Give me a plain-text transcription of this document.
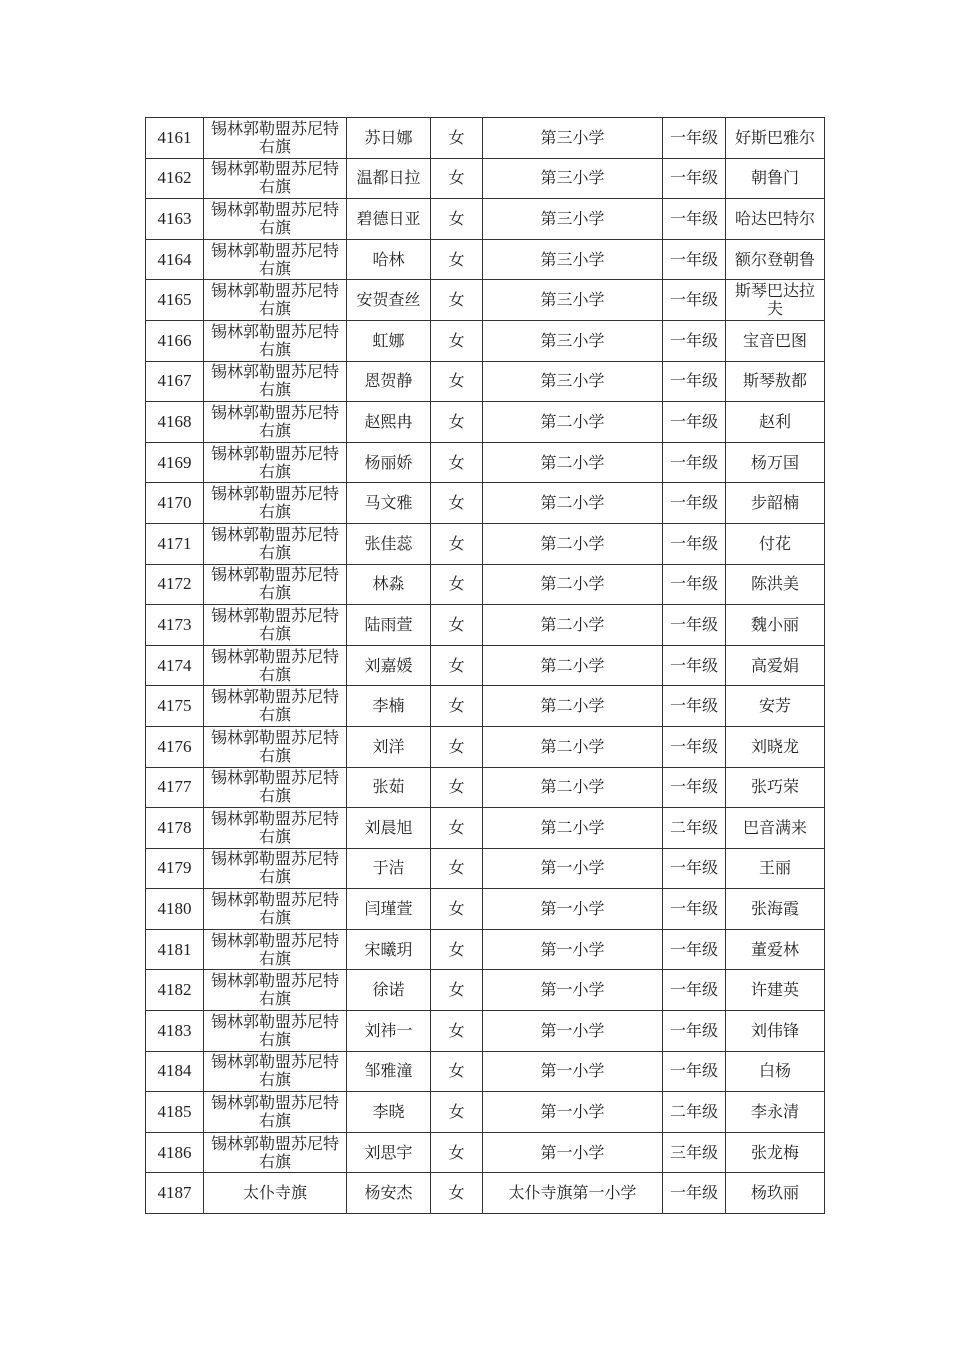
4161	锡林郭勒盟苏尼特右旗	苏日娜	女	第三小学	一年级	好斯巴雅尔
4162	锡林郭勒盟苏尼特右旗	温都日拉	女	第三小学	一年级	朝鲁门
4163	锡林郭勒盟苏尼特右旗	碧德日亚	女	第三小学	一年级	哈达巴特尔
4164	锡林郭勒盟苏尼特右旗	哈林	女	第三小学	一年级	额尔登朝鲁
4165	锡林郭勒盟苏尼特右旗	安贺查丝	女	第三小学	一年级	斯琴巴达拉夫
4166	锡林郭勒盟苏尼特右旗	虹娜	女	第三小学	一年级	宝音巴图
4167	锡林郭勒盟苏尼特右旗	恩贺静	女	第三小学	一年级	斯琴敖都
4168	锡林郭勒盟苏尼特右旗	赵熙冉	女	第二小学	一年级	赵利
4169	锡林郭勒盟苏尼特右旗	杨丽娇	女	第二小学	一年级	杨万国
4170	锡林郭勒盟苏尼特右旗	马文雅	女	第二小学	一年级	步韶楠
4171	锡林郭勒盟苏尼特右旗	张佳蕊	女	第二小学	一年级	付花
4172	锡林郭勒盟苏尼特右旗	林淼	女	第二小学	一年级	陈洪美
4173	锡林郭勒盟苏尼特右旗	陆雨萱	女	第二小学	一年级	魏小丽
4174	锡林郭勒盟苏尼特右旗	刘嘉媛	女	第二小学	一年级	高爱娟
4175	锡林郭勒盟苏尼特右旗	李楠	女	第二小学	一年级	安芳
4176	锡林郭勒盟苏尼特右旗	刘洋	女	第二小学	一年级	刘晓龙
4177	锡林郭勒盟苏尼特右旗	张茹	女	第二小学	一年级	张巧荣
4178	锡林郭勒盟苏尼特右旗	刘晨旭	女	第二小学	二年级	巴音满来
4179	锡林郭勒盟苏尼特右旗	于洁	女	第一小学	一年级	王丽
4180	锡林郭勒盟苏尼特右旗	闫瑾萱	女	第一小学	一年级	张海霞
4181	锡林郭勒盟苏尼特右旗	宋曦玥	女	第一小学	一年级	董爱林
4182	锡林郭勒盟苏尼特右旗	徐诺	女	第一小学	一年级	许建英
4183	锡林郭勒盟苏尼特右旗	刘祎一	女	第一小学	一年级	刘伟锋
4184	锡林郭勒盟苏尼特右旗	邹雅潼	女	第一小学	一年级	白杨
4185	锡林郭勒盟苏尼特右旗	李晓	女	第一小学	二年级	李永清
4186	锡林郭勒盟苏尼特右旗	刘思宇	女	第一小学	三年级	张龙梅
4187	太仆寺旗	杨安杰	女	太仆寺旗第一小学	一年级	杨玖丽
